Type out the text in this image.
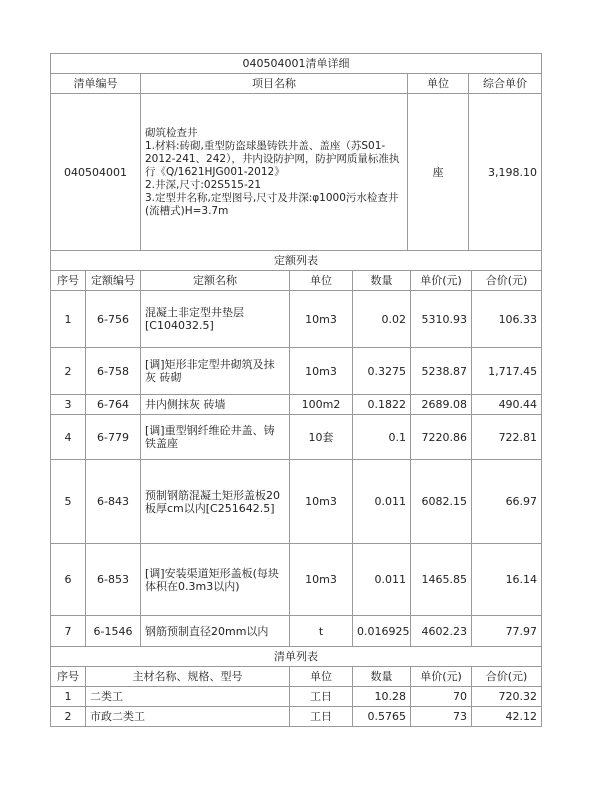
040504001清单详细			
清单编号	项目名称	单位	综合单价
040504001	砌筑检查井
1.材料:砖砌,重型防盗球墨铸铁井盖、盖座（苏S01-2012-241、242），井内设防护网，防护网质量标准执行《Q/1621HJG001-2012》
2.井深,尺寸:02S515-21
3.定型井名称,定型图号,尺寸及井深:φ1000污水检查井(流槽式)H=3.7m	座	3,198.10
定额列表						
序号	定额编号	定额名称	单位	数量	单价(元)	合价(元)
1	6-756	混凝土非定型井垫层[C104032.5]	10m3	0.02	5310.93	106.33
2	6-758	[调]矩形非定型井砌筑及抹灰 砖砌	10m3	0.3275	5238.87	1,717.45
3	6-764	井内侧抹灰 砖墙	100m2	0.1822	2689.08	490.44
4	6-779	[调]重型钢纤维砼井盖、铸铁盖座	10套	0.1	7220.86	722.81
5	6-843	预制钢筋混凝土矩形盖板20板厚cm以内[C251642.5]	10m3	0.011	6082.15	66.97
6	6-853	[调]安装渠道矩形盖板(每块体积在0.3m3以内)	10m3	0.011	1465.85	16.14
7	6-1546	钢筋预制直径20mm以内	t	0.016925	4602.23	77.97
清单列表					
序号	主材名称、规格、型号	单位	数量	单价(元)	合价(元)
1	二类工	工日	10.28	70	720.32
2	市政二类工	工日	0.5765	73	42.12
